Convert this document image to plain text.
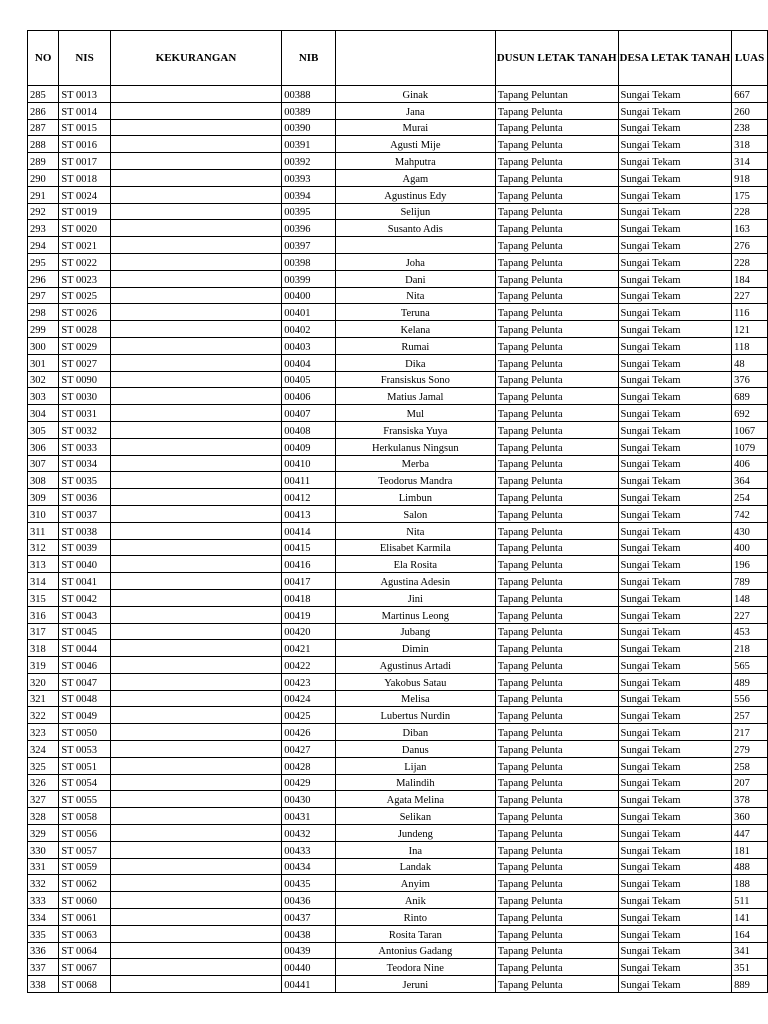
NO	NIS	KEKURANGAN	NIB		DUSUN LETAK TANAH	DESA LETAK TANAH	LUAS
285	ST 0013		00388	Ginak	Tapang Peluntan	Sungai Tekam	667
286	ST 0014		00389	Jana	Tapang Pelunta	Sungai Tekam	260
287	ST 0015		00390	Murai	Tapang Pelunta	Sungai Tekam	238
288	ST 0016		00391	Agusti Mije	Tapang Pelunta	Sungai Tekam	318
289	ST 0017		00392	Mahputra	Tapang Pelunta	Sungai Tekam	314
290	ST 0018		00393	Agam	Tapang Pelunta	Sungai Tekam	918
291	ST 0024		00394	Agustinus Edy	Tapang Pelunta	Sungai Tekam	175
292	ST 0019		00395	Selijun	Tapang Pelunta	Sungai Tekam	228
293	ST 0020		00396	Susanto Adis	Tapang Pelunta	Sungai Tekam	163
294	ST 0021		00397		Tapang Pelunta	Sungai Tekam	276
295	ST 0022		00398	Joha	Tapang Pelunta	Sungai Tekam	228
296	ST 0023		00399	Dani	Tapang Pelunta	Sungai Tekam	184
297	ST 0025		00400	Nita	Tapang Pelunta	Sungai Tekam	227
298	ST 0026		00401	Teruna	Tapang Pelunta	Sungai Tekam	116
299	ST 0028		00402	Kelana	Tapang Pelunta	Sungai Tekam	121
300	ST 0029		00403	Rumai	Tapang Pelunta	Sungai Tekam	118
301	ST 0027		00404	Dika	Tapang Pelunta	Sungai Tekam	48
302	ST 0090		00405	Fransiskus Sono	Tapang Pelunta	Sungai Tekam	376
303	ST 0030		00406	Matius Jamal	Tapang Pelunta	Sungai Tekam	689
304	ST 0031		00407	Mul	Tapang Pelunta	Sungai Tekam	692
305	ST 0032		00408	Fransiska Yuya	Tapang Pelunta	Sungai Tekam	1067
306	ST 0033		00409	Herkulanus Ningsun	Tapang Pelunta	Sungai Tekam	1079
307	ST 0034		00410	Merba	Tapang Pelunta	Sungai Tekam	406
308	ST 0035		00411	Teodorus Mandra	Tapang Pelunta	Sungai Tekam	364
309	ST 0036		00412	Limbun	Tapang Pelunta	Sungai Tekam	254
310	ST 0037		00413	Salon	Tapang Pelunta	Sungai Tekam	742
311	ST 0038		00414	Nita	Tapang Pelunta	Sungai Tekam	430
312	ST 0039		00415	Elisabet Karmila	Tapang Pelunta	Sungai Tekam	400
313	ST 0040		00416	Ela Rosita	Tapang Pelunta	Sungai Tekam	196
314	ST 0041		00417	Agustina Adesin	Tapang Pelunta	Sungai Tekam	789
315	ST 0042		00418	Jini	Tapang Pelunta	Sungai Tekam	148
316	ST 0043		00419	Martinus Leong	Tapang Pelunta	Sungai Tekam	227
317	ST 0045		00420	Jubang	Tapang Pelunta	Sungai Tekam	453
318	ST 0044		00421	Dimin	Tapang Pelunta	Sungai Tekam	218
319	ST 0046		00422	Agustinus Artadi	Tapang Pelunta	Sungai Tekam	565
320	ST 0047		00423	Yakobus Satau	Tapang Pelunta	Sungai Tekam	489
321	ST 0048		00424	Melisa	Tapang Pelunta	Sungai Tekam	556
322	ST 0049		00425	Lubertus Nurdin	Tapang Pelunta	Sungai Tekam	257
323	ST 0050		00426	Diban	Tapang Pelunta	Sungai Tekam	217
324	ST 0053		00427	Danus	Tapang Pelunta	Sungai Tekam	279
325	ST 0051		00428	Lijan	Tapang Pelunta	Sungai Tekam	258
326	ST 0054		00429	Malindih	Tapang Pelunta	Sungai Tekam	207
327	ST 0055		00430	Agata Melina	Tapang Pelunta	Sungai Tekam	378
328	ST 0058		00431	Selikan	Tapang Pelunta	Sungai Tekam	360
329	ST 0056		00432	Jundeng	Tapang Pelunta	Sungai Tekam	447
330	ST 0057		00433	Ina	Tapang Pelunta	Sungai Tekam	181
331	ST 0059		00434	Landak	Tapang Pelunta	Sungai Tekam	488
332	ST 0062		00435	Anyim	Tapang Pelunta	Sungai Tekam	188
333	ST 0060		00436	Anik	Tapang Pelunta	Sungai Tekam	511
334	ST 0061		00437	Rinto	Tapang Pelunta	Sungai Tekam	141
335	ST 0063		00438	Rosita Taran	Tapang Pelunta	Sungai Tekam	164
336	ST 0064		00439	Antonius Gadang	Tapang Pelunta	Sungai Tekam	341
337	ST 0067		00440	Teodora Nine	Tapang Pelunta	Sungai Tekam	351
338	ST 0068		00441	Jeruni	Tapang Pelunta	Sungai Tekam	889
